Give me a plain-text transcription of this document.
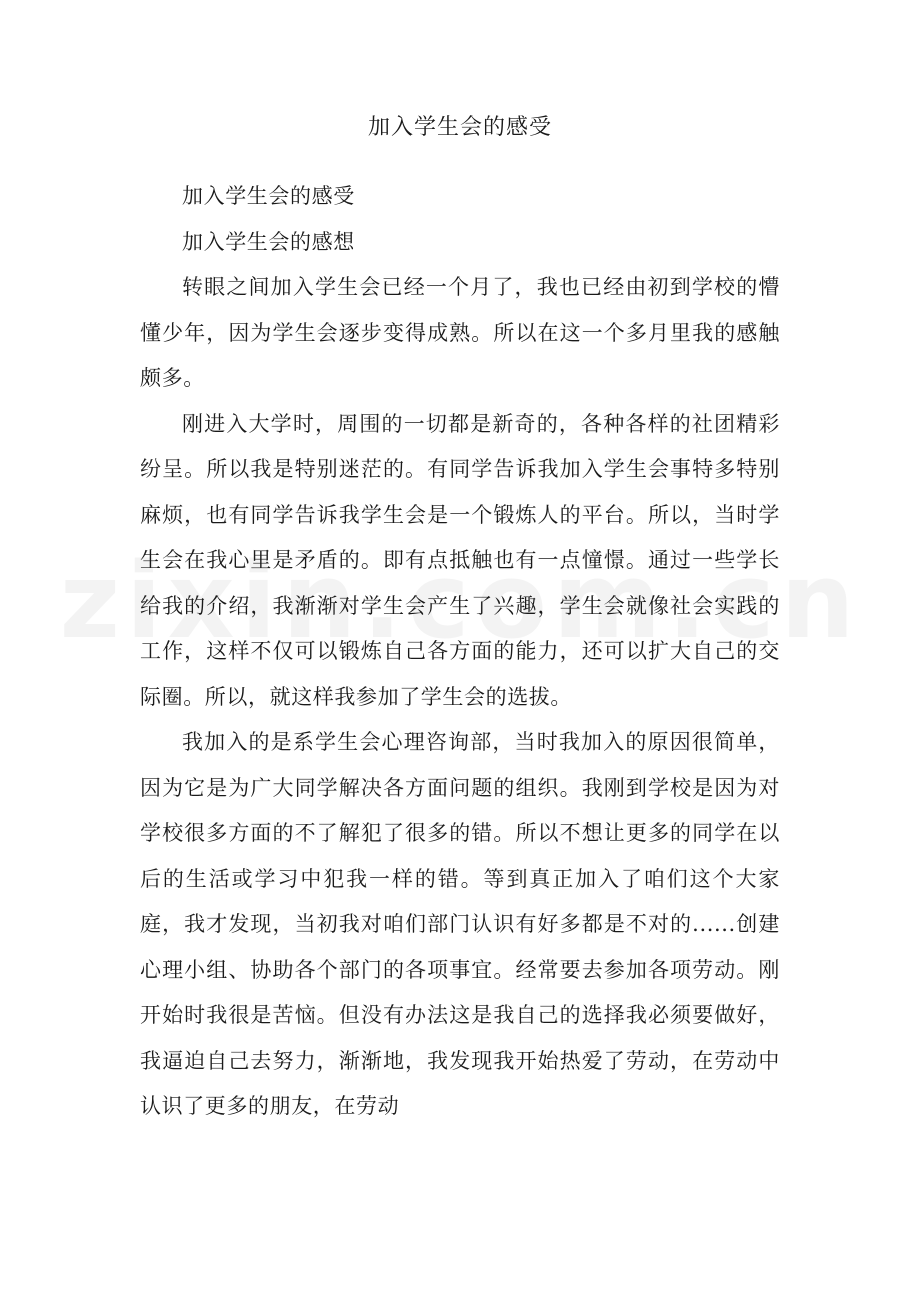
加入学生会的感受

加入学生会的感受

加入学生会的感想

转眼之间加入学生会已经一个月了，我也已经由初到学校的懵懂少年，因为学生会逐步变得成熟。所以在这一个多月里我的感触颇多。

刚进入大学时，周围的一切都是新奇的，各种各样的社团精彩纷呈。所以我是特别迷茫的。有同学告诉我加入学生会事特多特别麻烦，也有同学告诉我学生会是一个锻炼人的平台。所以，当时学生会在我心里是矛盾的。即有点抵触也有一点憧憬。通过一些学长给我的介绍，我渐渐对学生会产生了兴趣，学生会就像社会实践的工作，这样不仅可以锻炼自己各方面的能力，还可以扩大自己的交际圈。所以，就这样我参加了学生会的选拔。

我加入的是系学生会心理咨询部，当时我加入的原因很简单，因为它是为广大同学解决各方面问题的组织。我刚到学校是因为对学校很多方面的不了解犯了很多的错。所以不想让更多的同学在以后的生活或学习中犯我一样的错。等到真正加入了咱们这个大家庭，我才发现，当初我对咱们部门认识有好多都是不对的......创建心理小组、协助各个部门的各项事宜。经常要去参加各项劳动。刚开始时我很是苦恼。但没有办法这是我自己的选择我必须要做好，我逼迫自己去努力，渐渐地，我发现我开始热爱了劳动，在劳动中认识了更多的朋友，在劳动
